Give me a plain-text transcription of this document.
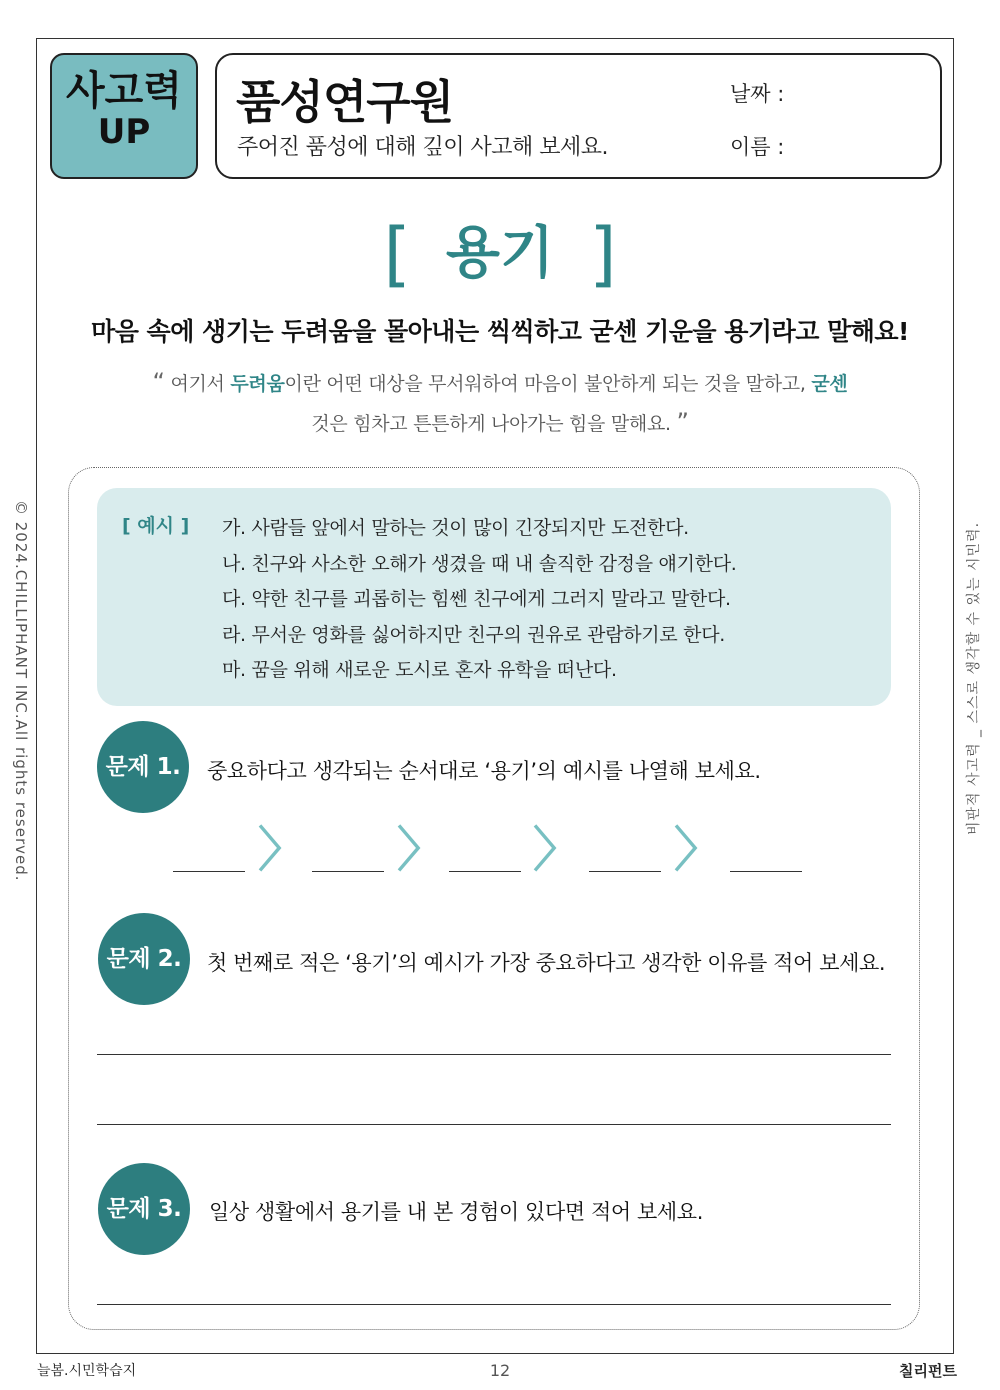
사고력
UP
품성연구원
주어진 품성에 대해 깊이 사고해 보세요.
날짜 :
이름 :
[ 용기 ]
마음 속에 생기는 두려움을 몰아내는 씩씩하고 굳센 기운을 용기라고 말해요!
“ 여기서 두려움이란 어떤 대상을 무서워하여 마음이 불안하게 되는 것을 말하고, 굳센
것은 힘차고 튼튼하게 나아가는 힘을 말해요. ”
[ 예시 ] 가. 사람들 앞에서 말하는 것이 많이 긴장되지만 도전한다.
나. 친구와 사소한 오해가 생겼을 때 내 솔직한 감정을 얘기한다.
다. 약한 친구를 괴롭히는 힘쎈 친구에게 그러지 말라고 말한다.
라. 무서운 영화를 싫어하지만 친구의 권유로 관람하기로 한다.
마. 꿈을 위해 새로운 도시로 혼자 유학을 떠난다.
문제 1.	중요하다고 생각되는 순서대로 ‘용기’의 예시를 나열해 보세요.
〉 〉 〉 〉
문제 2.	첫 번째로 적은 ‘용기’의 예시가 가장 중요하다고 생각한 이유를 적어 보세요.
문제 3.	일상 생활에서 용기를 내 본 경험이 있다면 적어 보세요.
© 2024.CHILLIPHANT INC.All rights reserved.	비판적 사고력 _ 스스로 생각할 수 있는 시민력.
늘봄.시민학습지	12	칠리펀트
